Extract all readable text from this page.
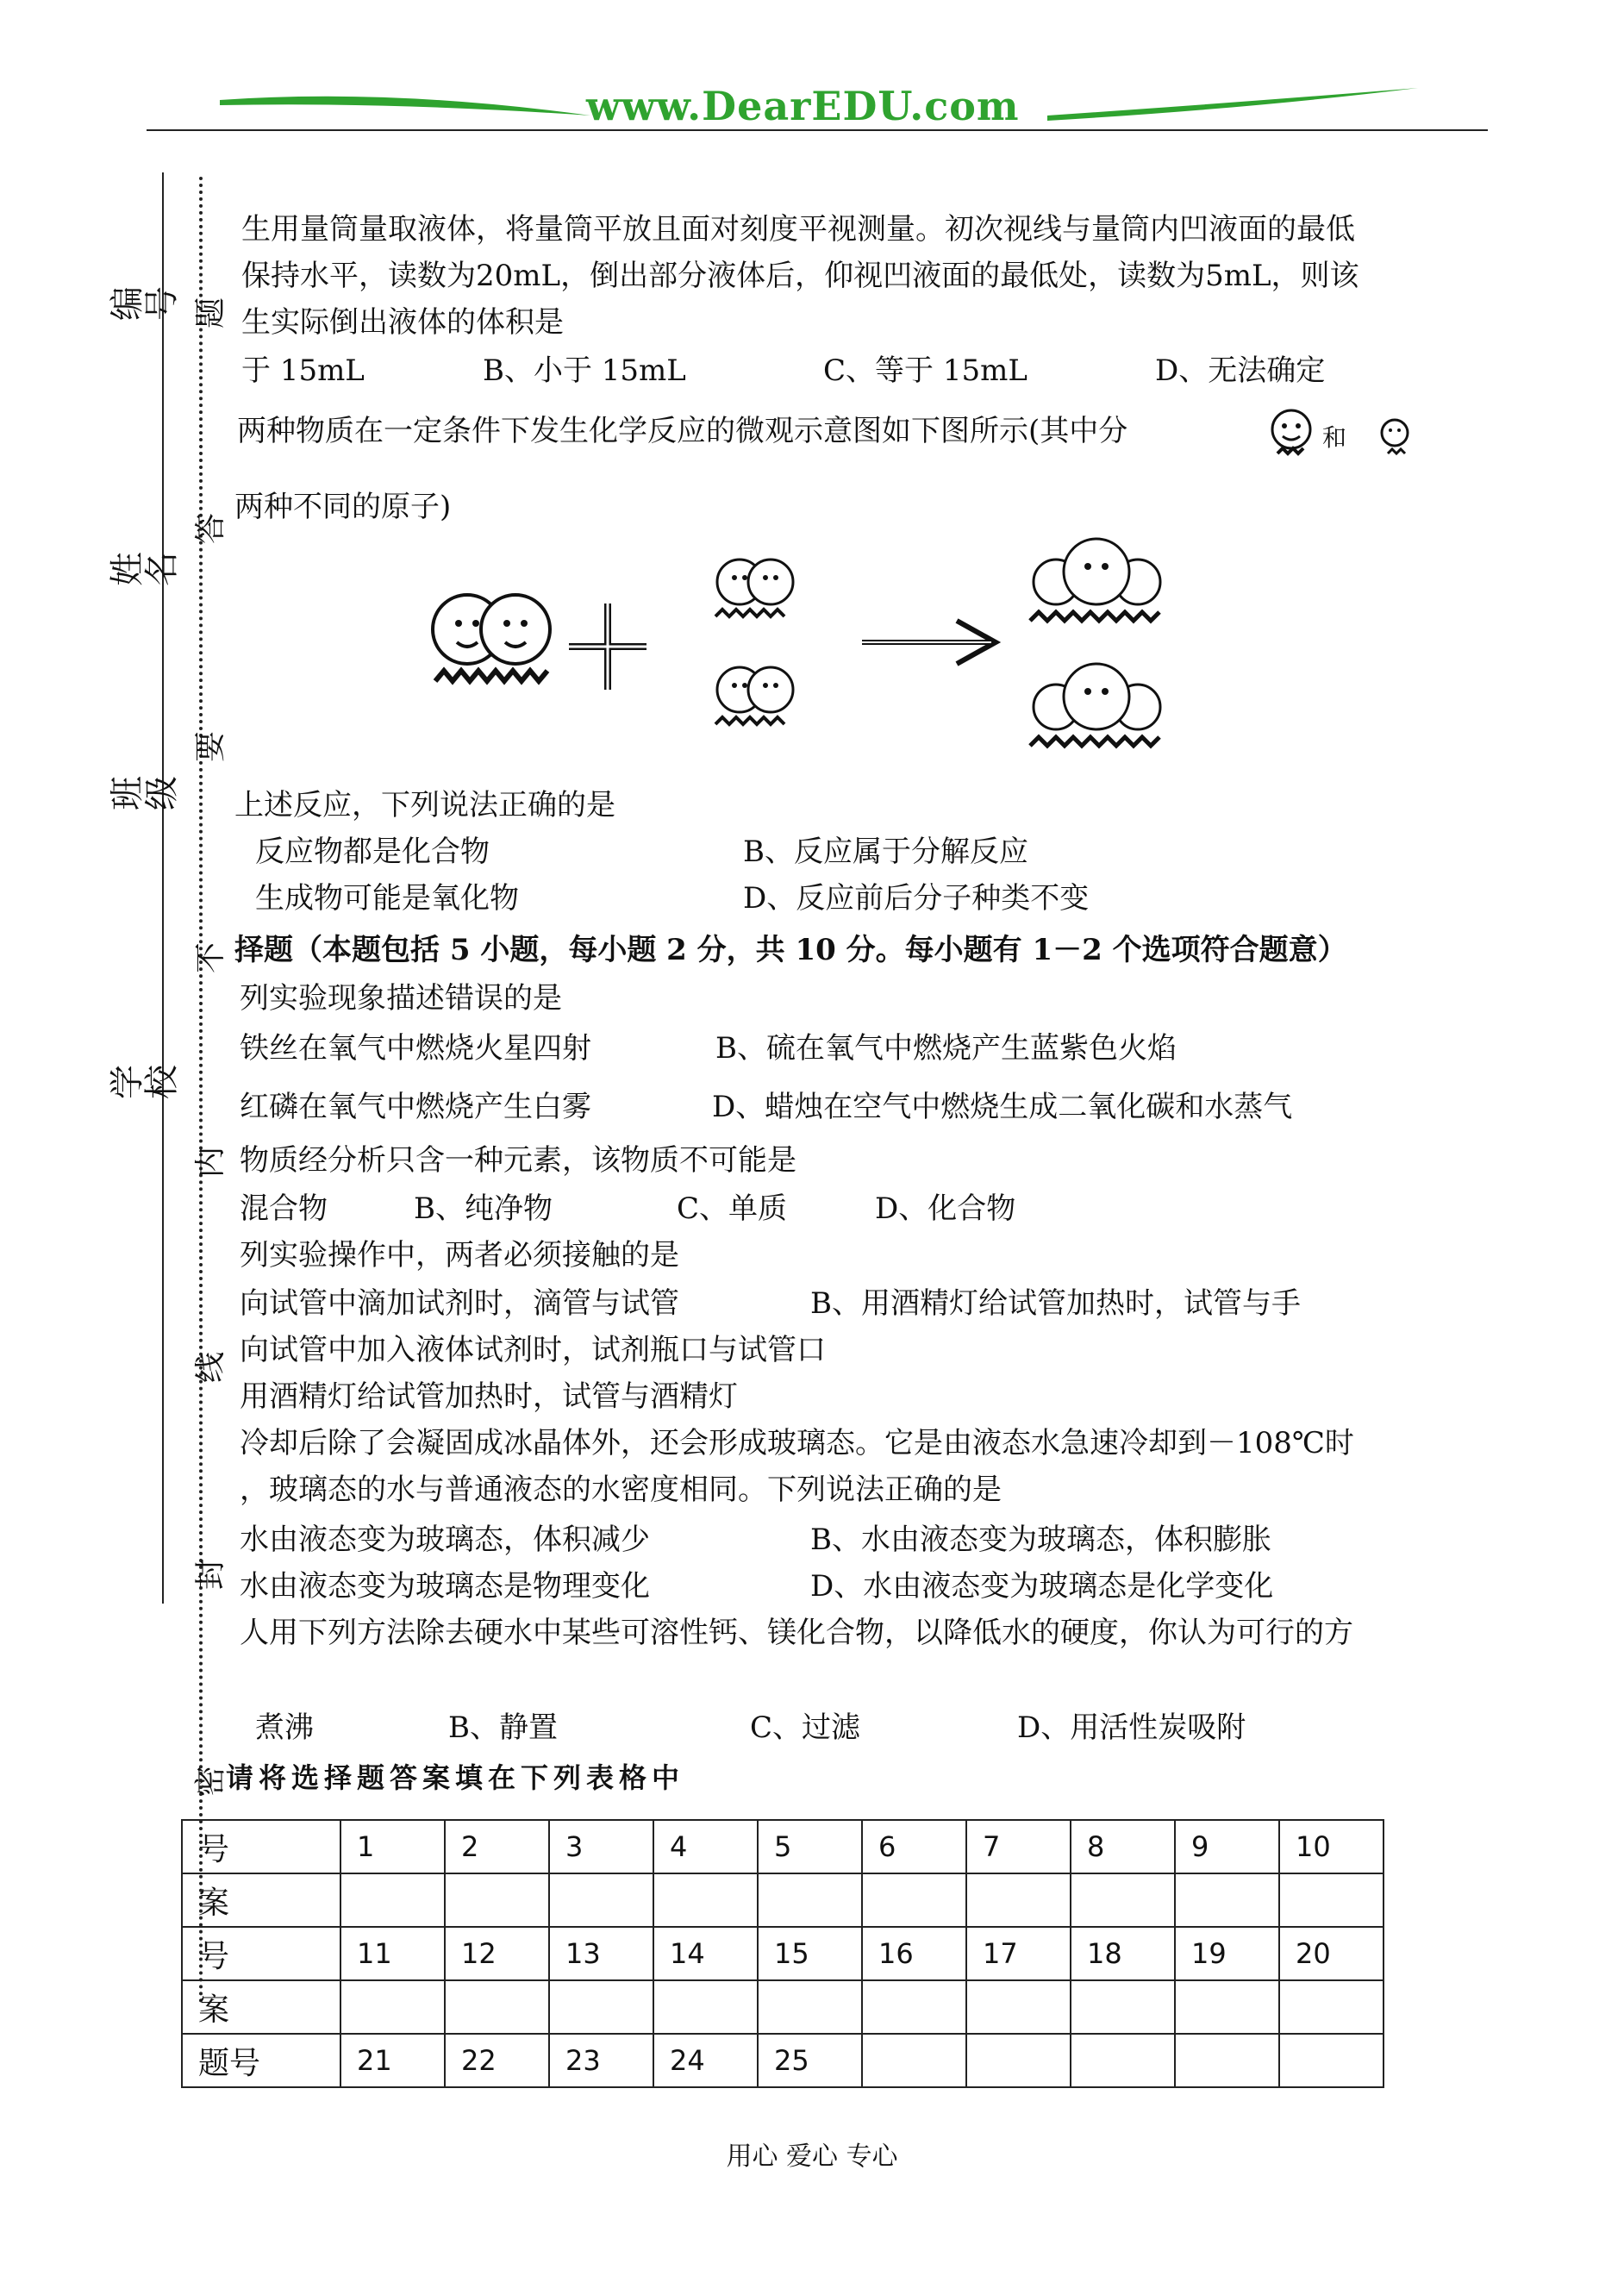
www.DearEDU.com
编号
姓名
班级
学校
题
答
要
不
内
线
封
密
生用量筒量取液体，将量筒平放且面对刻度平视测量。初次视线与量筒内凹液面的最低
保持水平，读数为20mL，倒出部分液体后，仰视凹液面的最低处，读数为5mL，则该
生实际倒出液体的体积是
于 15mL	B、小于 15mL	C、等于 15mL	D、无法确定
两种物质在一定条件下发生化学反应的微观示意图如下图所示(其中分	和
两种不同的原子)
上述反应，下列说法正确的是
反应物都是化合物	B、反应属于分解反应
生成物可能是氧化物	D、反应前后分子种类不变
择题（本题包括 5 小题，每小题 2 分，共 10 分。每小题有 1－2 个选项符合题意）
列实验现象描述错误的是
铁丝在氧气中燃烧火星四射	B、硫在氧气中燃烧产生蓝紫色火焰
红磷在氧气中燃烧产生白雾	D、蜡烛在空气中燃烧生成二氧化碳和水蒸气
物质经分析只含一种元素，该物质不可能是
混合物	B、纯净物	C、单质	D、化合物
列实验操作中，两者必须接触的是
向试管中滴加试剂时，滴管与试管	B、用酒精灯给试管加热时，试管与手
向试管中加入液体试剂时，试剂瓶口与试管口
用酒精灯给试管加热时，试管与酒精灯
冷却后除了会凝固成冰晶体外，还会形成玻璃态。它是由液态水急速冷却到－108℃时
，玻璃态的水与普通液态的水密度相同。下列说法正确的是
水由液态变为玻璃态，体积减少	B、水由液态变为玻璃态，体积膨胀
水由液态变为玻璃态是物理变化	D、水由液态变为玻璃态是化学变化
人用下列方法除去硬水中某些可溶性钙、镁化合物，以降低水的硬度，你认为可行的方
煮沸	B、静置	C、过滤	D、用活性炭吸附
请将选择题答案填在下列表格中
号	1	2	3	4	5	6	7	8	9	10
案										
号	11	12	13	14	15	16	17	18	19	20
案										
题号	21	22	23	24	25					
用心 爱心 专心
